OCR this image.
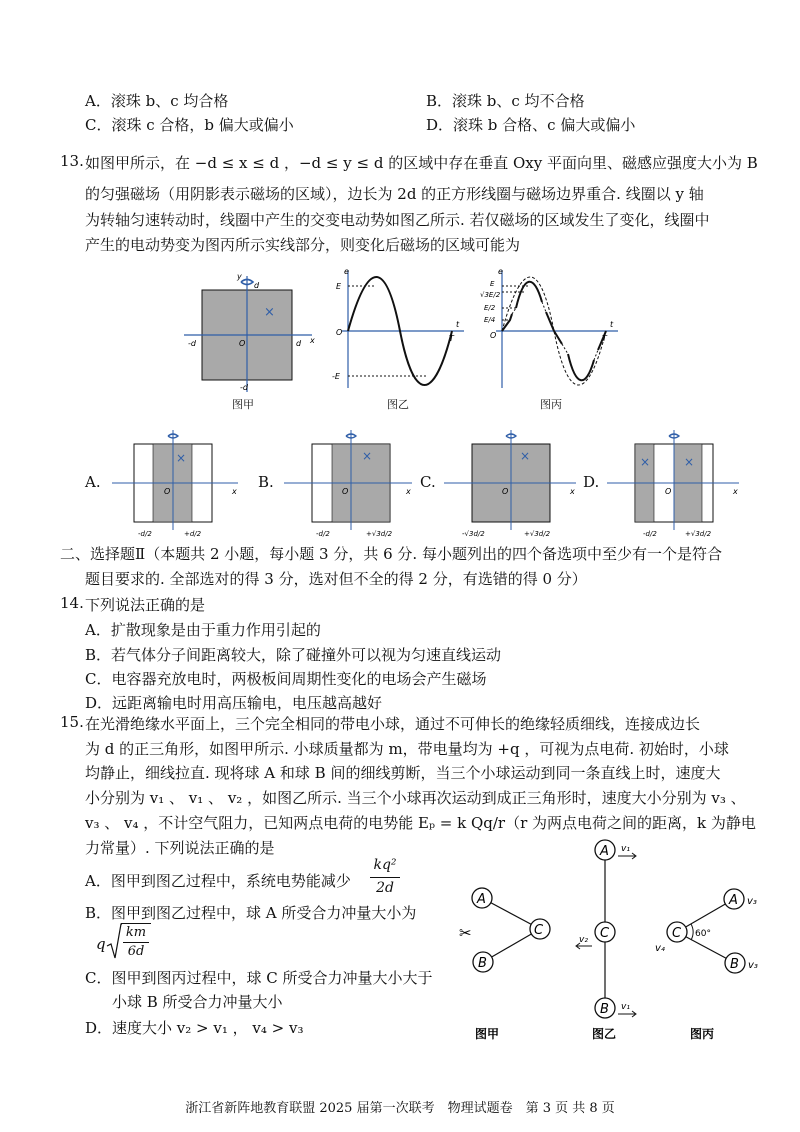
A．滚珠 b、c 均合格	B．滚珠 b、c 均不合格
C．滚珠 c 合格，b 偏大或偏小	D．滚珠 b 合格、c 偏大或偏小
13. 如图甲所示，在 −d ≤ x ≤ d ，−d ≤ y ≤ d 的区域中存在垂直 Oxy 平面向里、磁感应强度大小为 B
的匀强磁场（用阴影表示磁场的区域），边长为 2d 的正方形线圈与磁场边界重合. 线圈以 y 轴
为转轴匀速转动时，线圈中产生的交变电动势如图乙所示. 若仅磁场的区域发生了变化，线圈中
产生的电动势变为图丙所示实线部分，则变化后磁场的区域可能为
×
y
d
x
d
-d	O
-d
图甲
e
E
O
-E
t
T
图乙
e
E
√3E/2
E/2
E/4
O
t
T
图丙
A.
×
O	x
-d/2	+d/2
B.
×
O	x
-d/2	+√3d/2
C.
×
O	x
-√3d/2	+√3d/2
D.
×	×
O	x
-d/2	+√3d/2
二、选择题Ⅱ（本题共 2 小题，每小题 3 分，共 6 分. 每小题列出的四个备选项中至少有一个是符合
题目要求的. 全部选对的得 3 分，选对但不全的得 2 分，有选错的得 0 分）
14. 下列说法正确的是
A．扩散现象是由于重力作用引起的
B．若气体分子间距离较大，除了碰撞外可以视为匀速直线运动
C．电容器充放电时，两极板间周期性变化的电场会产生磁场
D．远距离输电时用高压输电，电压越高越好
15. 在光滑绝缘水平面上，三个完全相同的带电小球，通过不可伸长的绝缘轻质细线，连接成边长
为 d 的正三角形，如图甲所示. 小球质量都为 m，带电量均为 +q ，可视为点电荷. 初始时，小球
均静止，细线拉直. 现将球 A 和球 B 间的细线剪断，当三个小球运动到同一条直线上时，速度大
小分别为 v₁ 、 v₁ 、 v₂ ，如图乙所示. 当三个小球再次运动到成正三角形时，速度大小分别为 v₃ 、
v₃ 、 v₄ ，不计空气阻力，已知两点电荷的电势能 Eₚ = k Qq/r（r 为两点电荷之间的距离，k 为静电
力常量）. 下列说法正确的是
A．图甲到图乙过程中，系统电势能减少
kq²
2d
B．图甲到图乙过程中，球 A 所受合力冲量大小为
q
km
6d
C．图甲到图丙过程中，球 C 所受合力冲量大小大于
小球 B 所受合力冲量大小
D．速度大小 v₂ > v₁ ， v₄ > v₃
A
C
B
✂
A
C
B
v₁
v₂
v₁
C
A
B
60°
v₃
v₃
v₄
图甲	图乙	图丙
浙江省新阵地教育联盟 2025 届第一次联考　物理试题卷　第 3 页 共 8 页
